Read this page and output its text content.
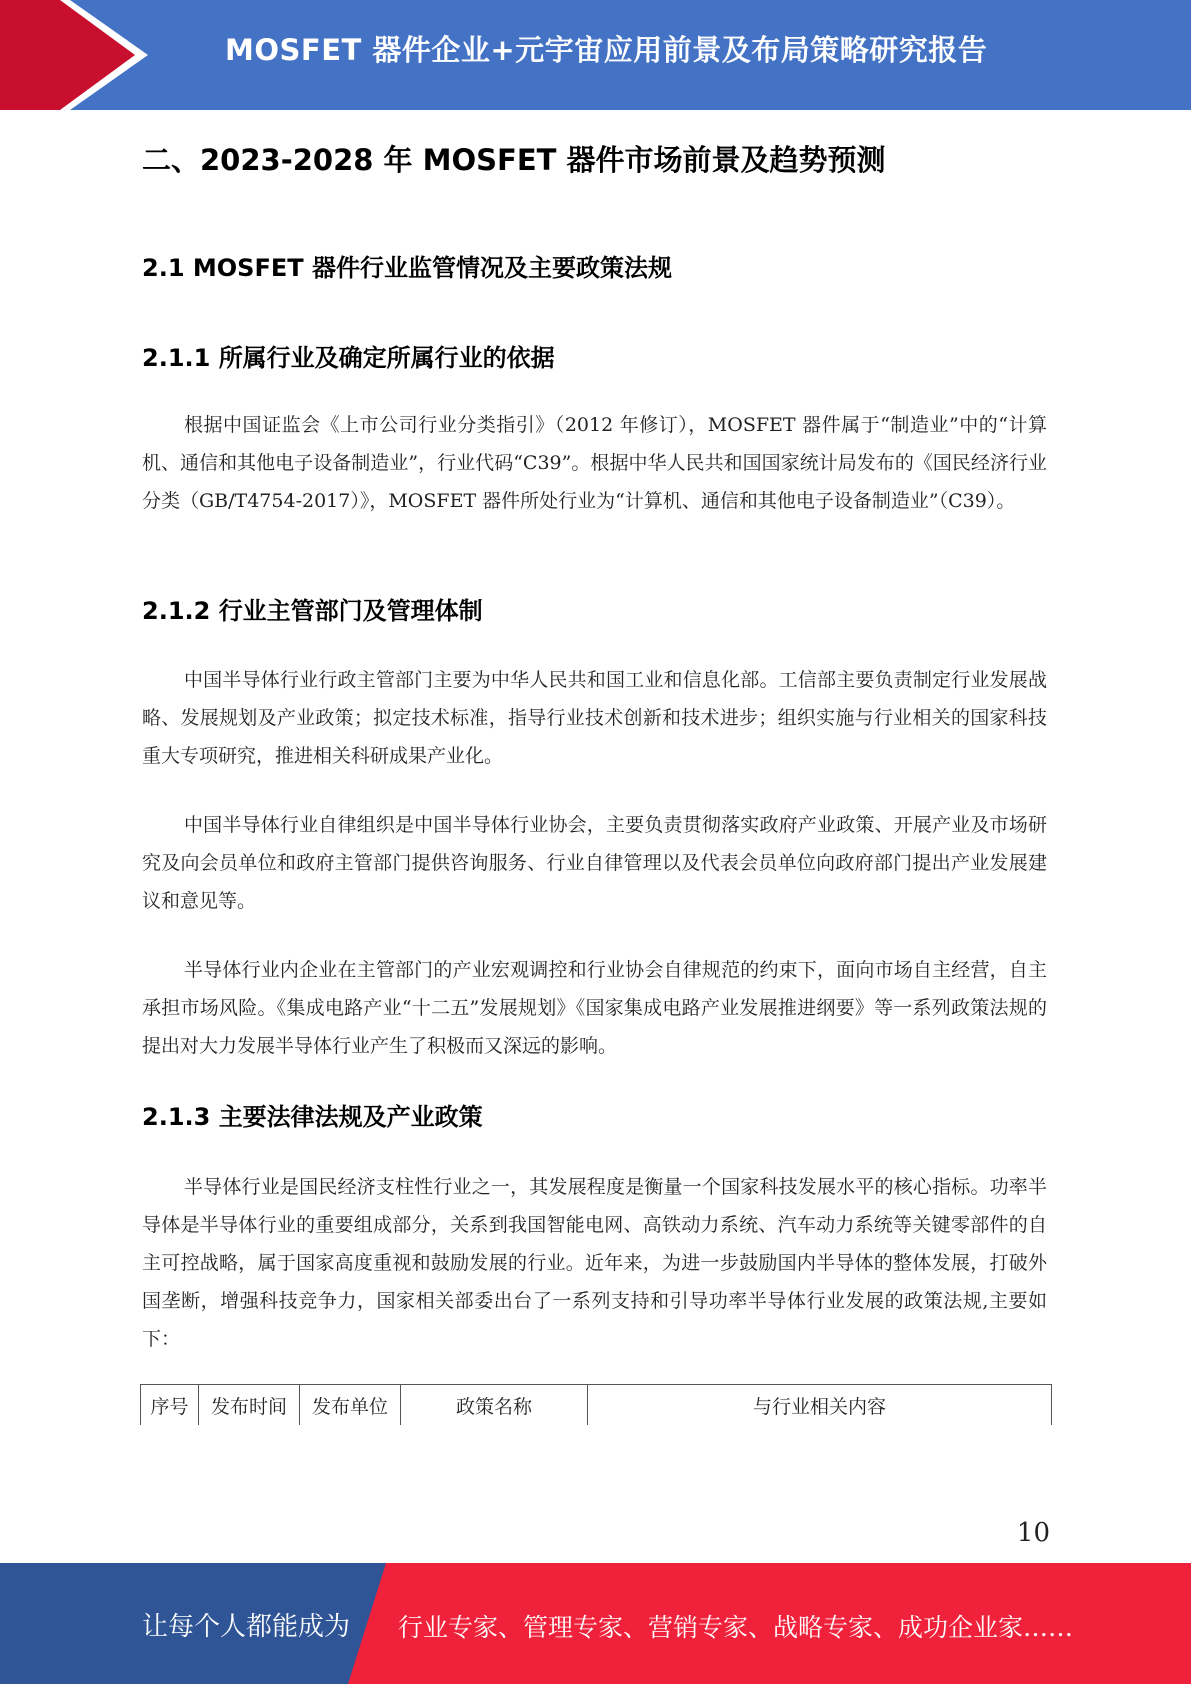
MOSFET 器件企业+元宇宙应用前景及布局策略研究报告
二、2023-2028 年 MOSFET 器件市场前景及趋势预测
2.1 MOSFET 器件行业监管情况及主要政策法规
2.1.1 所属行业及确定所属行业的依据

根据中国证监会《上市公司行业分类指引》（2012 年修订），MOSFET 器件属于“制造业”中的“计算机、通信和其他电子设备制造业”，行业代码“C39”。根据中华人民共和国国家统计局发布的《国民经济行业分类（GB/T4754-2017）》，MOSFET 器件所处行业为“计算机、通信和其他电子设备制造业”（C39）。

2.1.2 行业主管部门及管理体制

中国半导体行业行政主管部门主要为中华人民共和国工业和信息化部。工信部主要负责制定行业发展战略、发展规划及产业政策；拟定技术标准，指导行业技术创新和技术进步；组织实施与行业相关的国家科技重大专项研究，推进相关科研成果产业化。

中国半导体行业自律组织是中国半导体行业协会，主要负责贯彻落实政府产业政策、开展产业及市场研究及向会员单位和政府主管部门提供咨询服务、行业自律管理以及代表会员单位向政府部门提出产业发展建议和意见等。

半导体行业内企业在主管部门的产业宏观调控和行业协会自律规范的约束下，面向市场自主经营，自主承担市场风险。《集成电路产业“十二五”发展规划》《国家集成电路产业发展推进纲要》等一系列政策法规的提出对大力发展半导体行业产生了积极而又深远的影响。

2.1.3 主要法律法规及产业政策

半导体行业是国民经济支柱性行业之一，其发展程度是衡量一个国家科技发展水平的核心指标。功率半导体是半导体行业的重要组成部分，关系到我国智能电网、高铁动力系统、汽车动力系统等关键零部件的自主可控战略，属于国家高度重视和鼓励发展的行业。近年来，为进一步鼓励国内半导体的整体发展，打破外国垄断，增强科技竞争力，国家相关部委出台了一系列支持和引导功率半导体行业发展的政策法规,主要如下：

序号	发布时间	发布单位	政策名称	与行业相关内容
10
让每个人都能成为 行业专家、管理专家、营销专家、战略专家、成功企业家……
